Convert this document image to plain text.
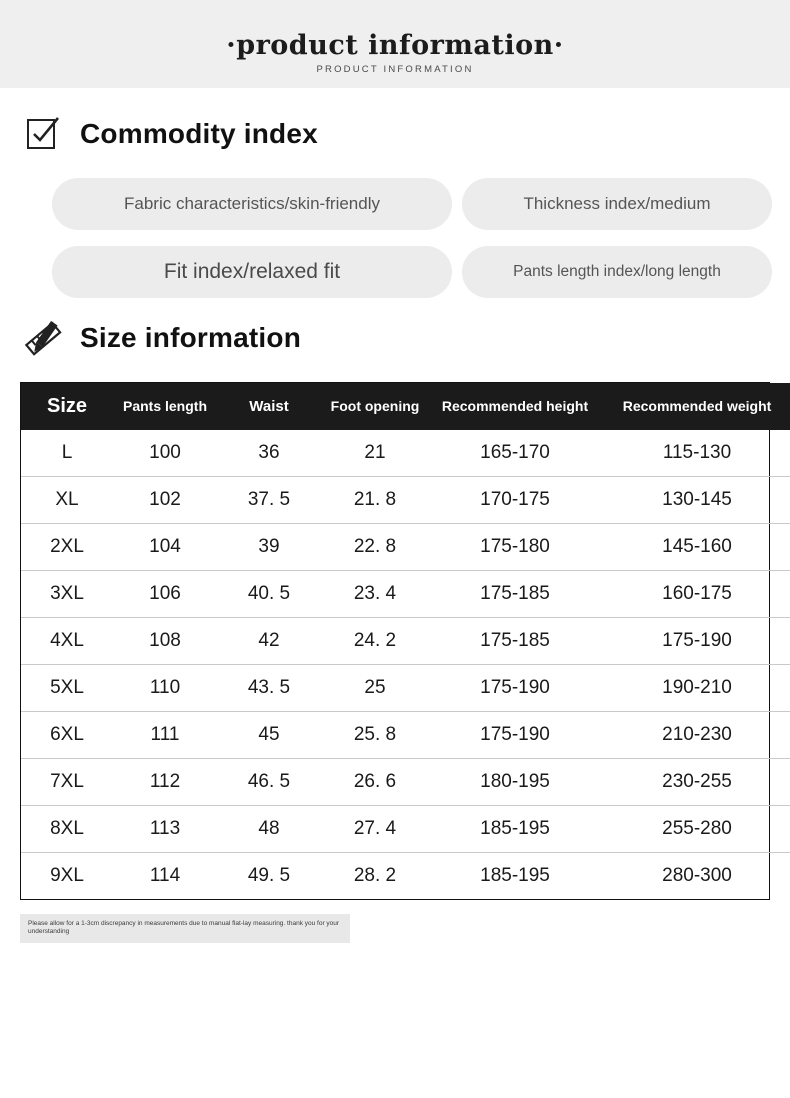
·product information·
PRODUCT INFORMATION
Commodity index
Fabric characteristics/skin-friendly	Thickness index/medium
Fit index/relaxed fit	Pants length index/long length
Size information
Size	Pants length	Waist	Foot opening	Recommended height	Recommended weight
L	100	36	21	165-170	115-130
XL	102	37. 5	21. 8	170-175	130-145
2XL	104	39	22. 8	175-180	145-160
3XL	106	40. 5	23. 4	175-185	160-175
4XL	108	42	24. 2	175-185	175-190
5XL	110	43. 5	25	175-190	190-210
6XL	111	45	25. 8	175-190	210-230
7XL	112	46. 5	26. 6	180-195	230-255
8XL	113	48	27. 4	185-195	255-280
9XL	114	49. 5	28. 2	185-195	280-300
Please allow for a 1-3cm discrepancy in measurements due to manual flat-lay measuring. thank you for your understanding
